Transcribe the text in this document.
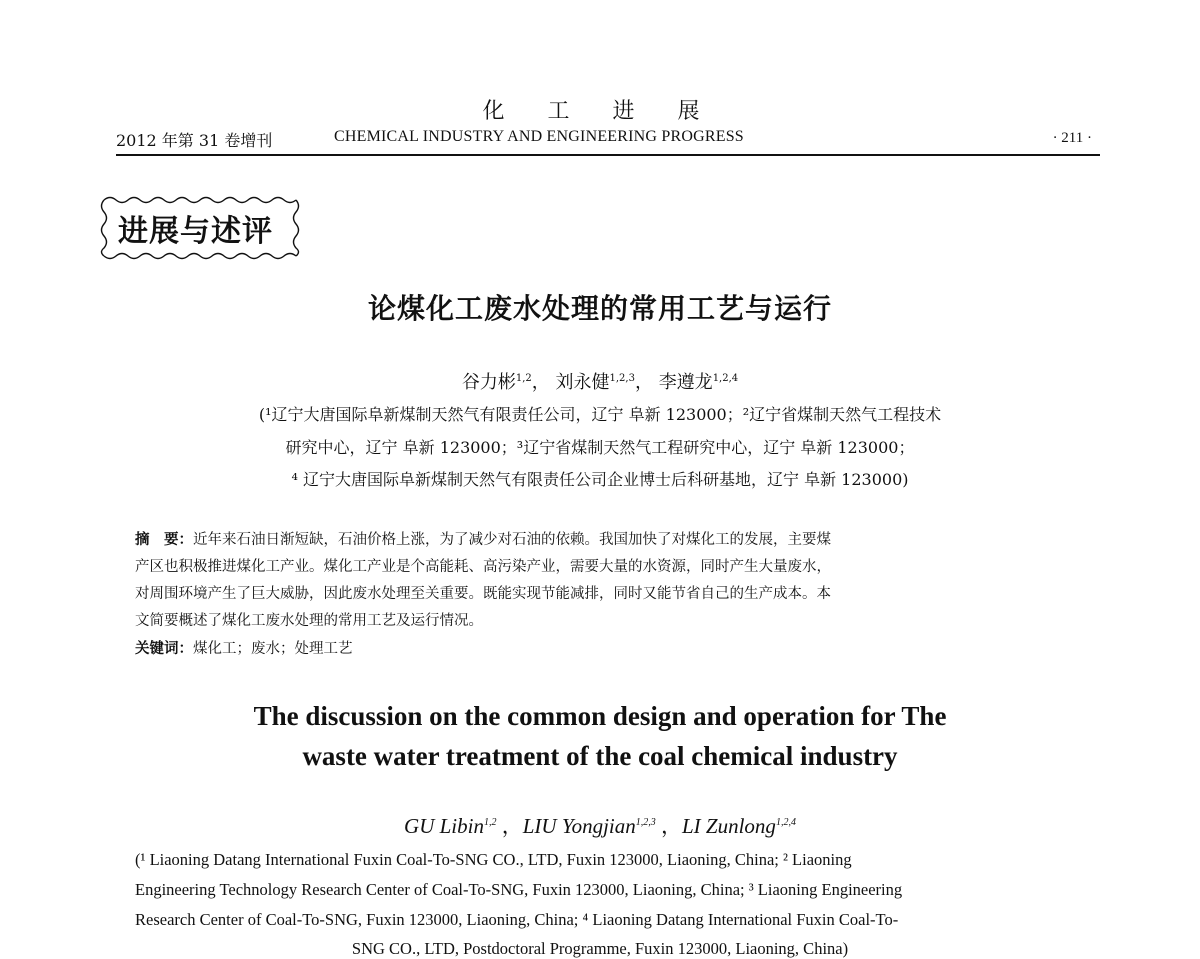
化 工 进 展
2012 年第 31 卷增刊	CHEMICAL INDUSTRY AND ENGINEERING PROGRESS	· 211 ·
进展与述评
论煤化工废水处理的常用工艺与运行
谷力彬$^{1,2}$， 刘永健$^{1,2,3}$， 李遵龙$^{1,2,4}$
(¹辽宁大唐国际阜新煤制天然气有限责任公司，辽宁 阜新 123000；²辽宁省煤制天然气工程技术
研究中心，辽宁 阜新 123000；³辽宁省煤制天然气工程研究中心，辽宁 阜新 123000；
⁴ 辽宁大唐国际阜新煤制天然气有限责任公司企业博士后科研基地，辽宁 阜新 123000)
摘　要：近年来石油日渐短缺，石油价格上涨，为了减少对石油的依赖。我国加快了对煤化工的发展，主要煤
产区也积极推进煤化工产业。煤化工产业是个高能耗、高污染产业，需要大量的水资源，同时产生大量废水，
对周围环境产生了巨大威胁，因此废水处理至关重要。既能实现节能减排，同时又能节省自己的生产成本。本
文简要概述了煤化工废水处理的常用工艺及运行情况。
关键词：煤化工；废水；处理工艺
The discussion on the common design and operation for The
waste water treatment of the coal chemical industry
GU Libin$^{1,2}$ ，LIU Yongjian$^{1,2,3}$ ，LI Zunlong$^{1,2,4}$
(¹ Liaoning Datang International Fuxin Coal-To-SNG CO., LTD, Fuxin 123000, Liaoning, China; ² Liaoning
Engineering Technology Research Center of Coal-To-SNG, Fuxin 123000, Liaoning, China; ³ Liaoning Engineering
Research Center of Coal-To-SNG, Fuxin 123000, Liaoning, China; ⁴ Liaoning Datang International Fuxin Coal-To-
SNG CO., LTD, Postdoctoral Programme, Fuxin 123000, Liaoning, China)
